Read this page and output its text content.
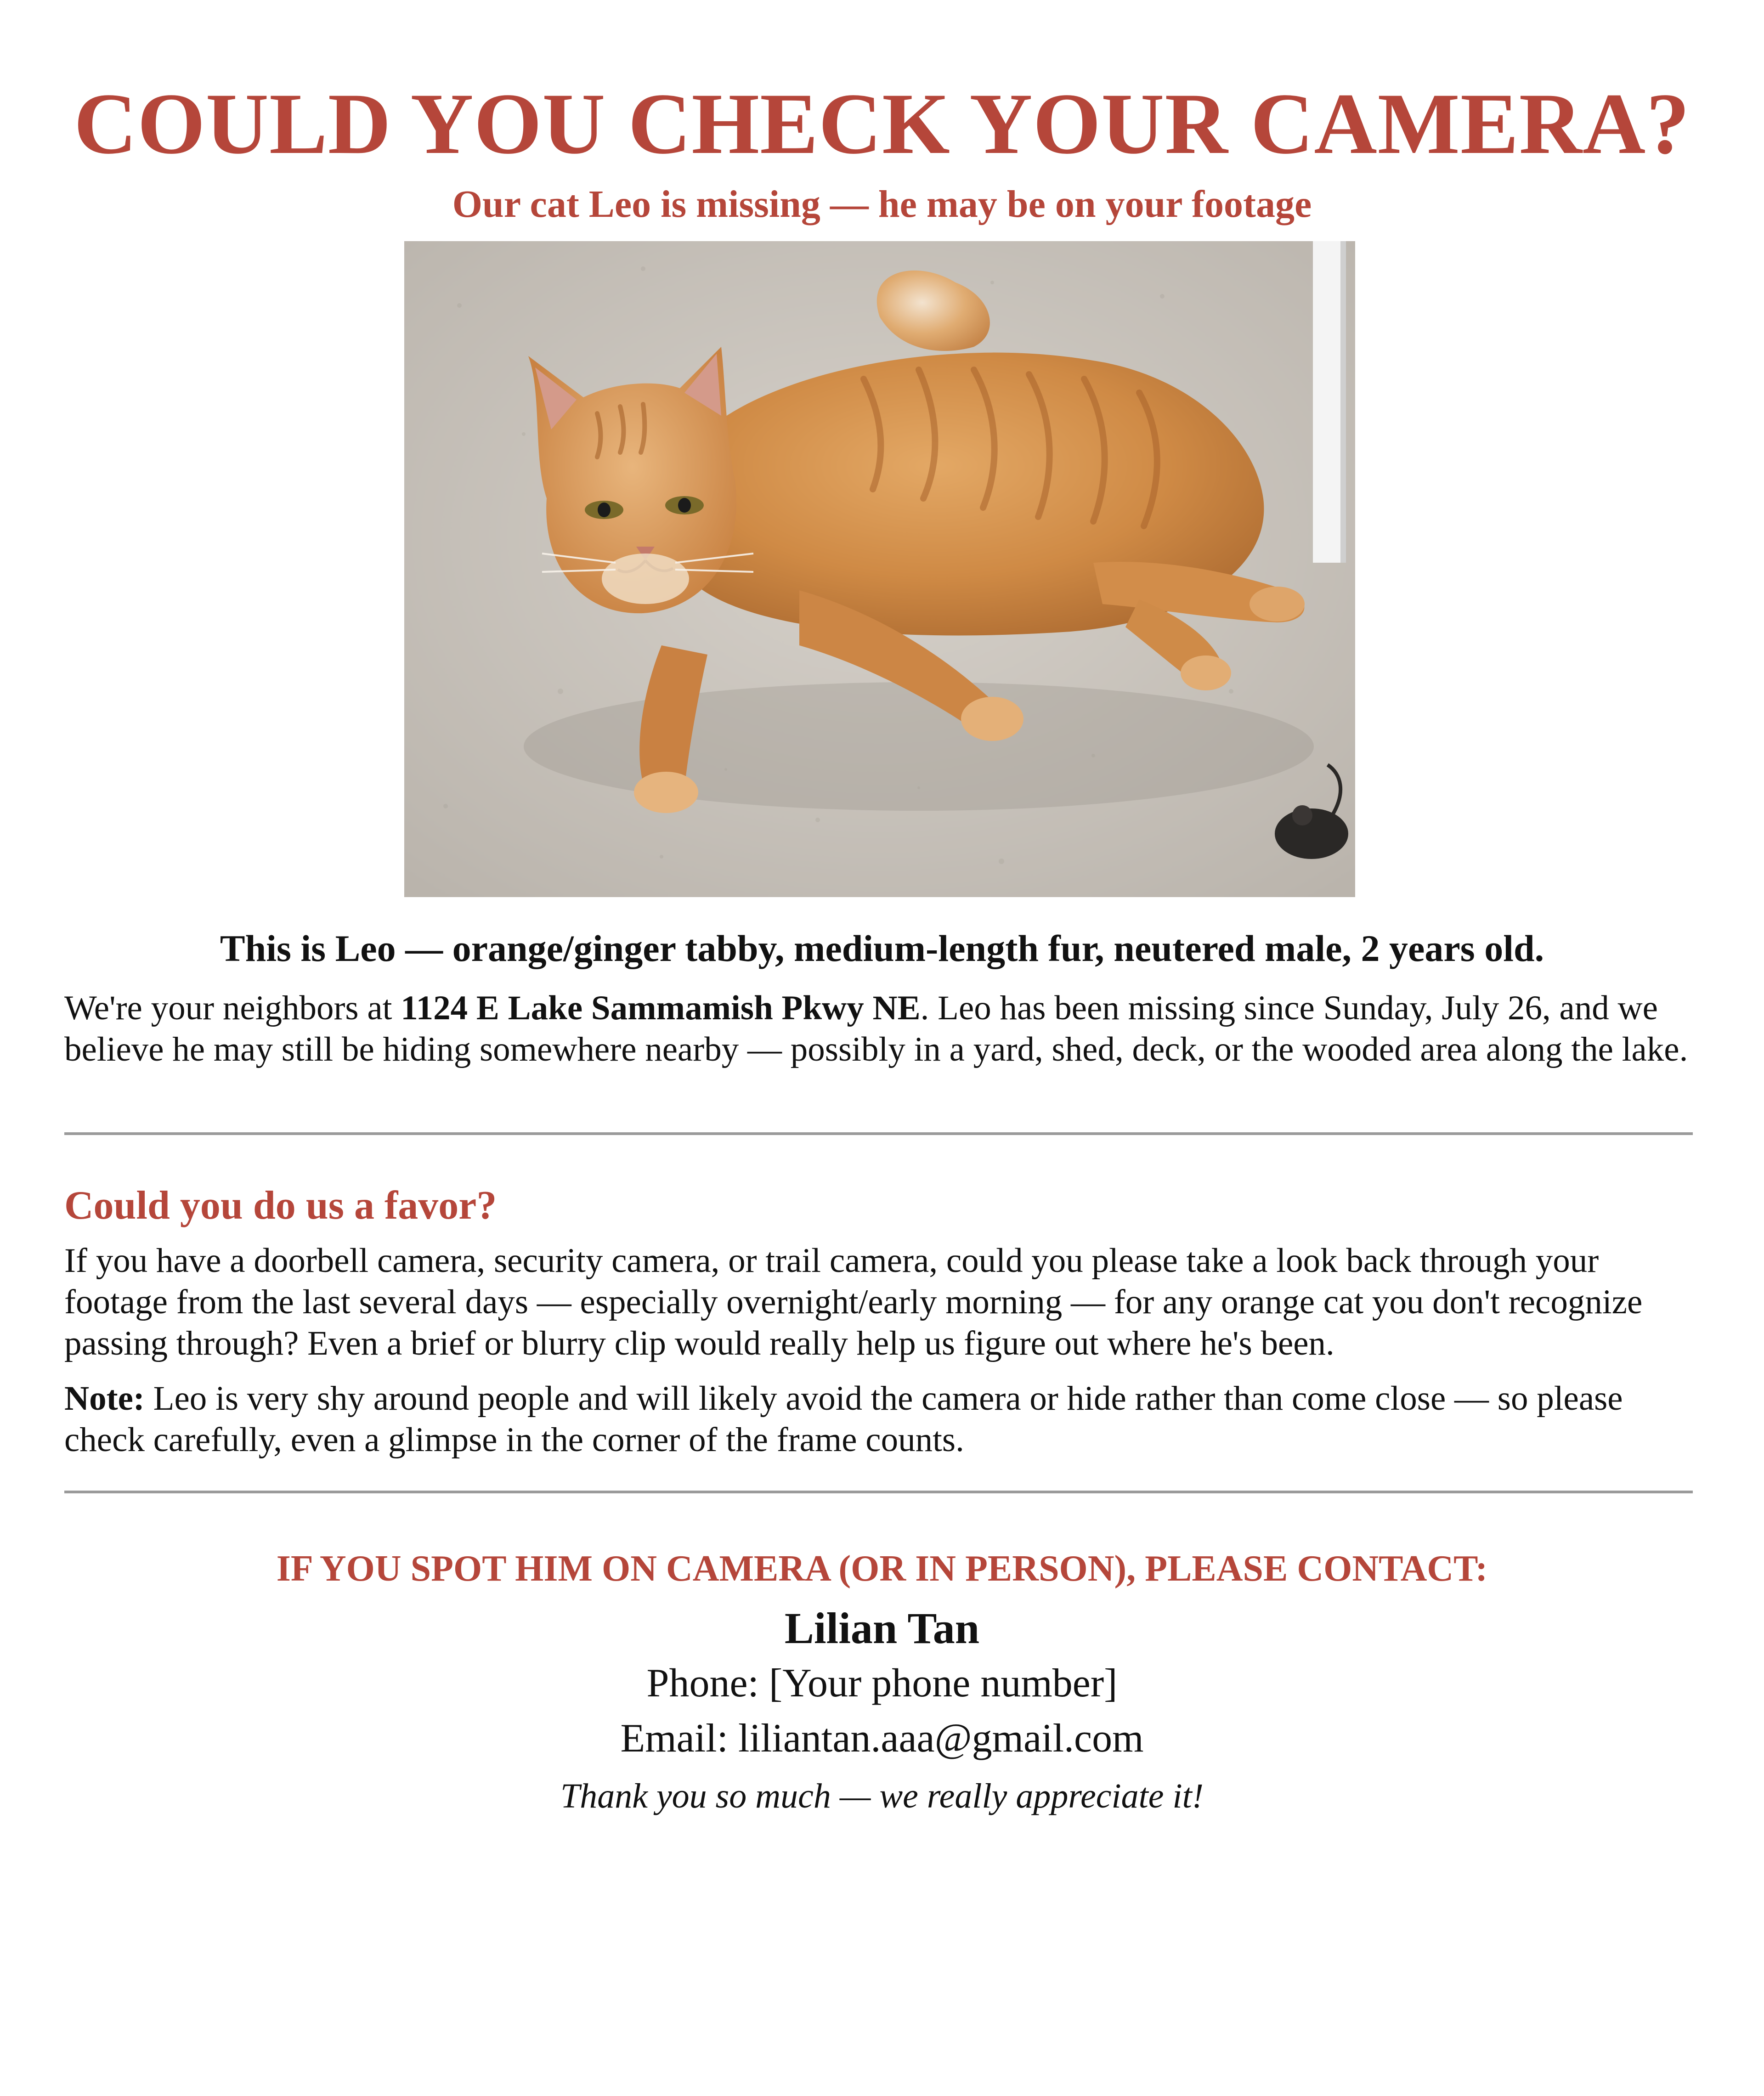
COULD YOU CHECK YOUR CAMERA?
Our cat Leo is missing — he may be on your footage
This is Leo — orange/ginger tabby, medium-length fur, neutered male, 2 years old.
We're your neighbors at 1124 E Lake Sammamish Pkwy NE. Leo has been missing since Sunday, July 26, and we believe he may still be hiding somewhere nearby — possibly in a yard, shed, deck, or the wooded area along the lake.
Could you do us a favor?
If you have a doorbell camera, security camera, or trail camera, could you please take a look back through your footage from the last several days — especially overnight/early morning — for any orange cat you don't recognize passing through? Even a brief or blurry clip would really help us figure out where he's been.
Note: Leo is very shy around people and will likely avoid the camera or hide rather than come close — so please check carefully, even a glimpse in the corner of the frame counts.
IF YOU SPOT HIM ON CAMERA (OR IN PERSON), PLEASE CONTACT:
Lilian Tan
Phone: [Your phone number]
Email: liliantan.aaa@gmail.com
Thank you so much — we really appreciate it!
